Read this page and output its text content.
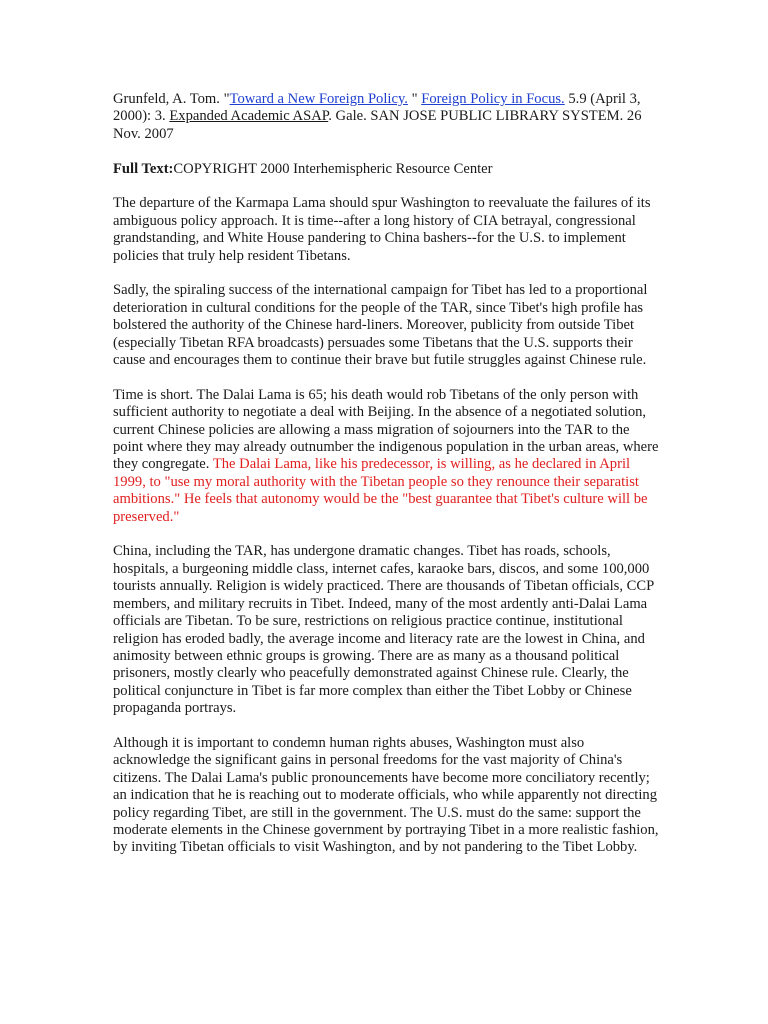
Grunfeld, A. Tom. "Toward a New Foreign Policy. " Foreign Policy in Focus. 5.9 (April 3, 2000): 3. Expanded Academic ASAP. Gale. SAN JOSE PUBLIC LIBRARY SYSTEM. 26 Nov. 2007

Full Text:COPYRIGHT 2000 Interhemispheric Resource Center

The departure of the Karmapa Lama should spur Washington to reevaluate the failures of its ambiguous policy approach. It is time--after a long history of CIA betrayal, congressional grandstanding, and White House pandering to China bashers--for the U.S. to implement policies that truly help resident Tibetans.

Sadly, the spiraling success of the international campaign for Tibet has led to a proportional deterioration in cultural conditions for the people of the TAR, since Tibet's high profile has bolstered the authority of the Chinese hard-liners. Moreover, publicity from outside Tibet (especially Tibetan RFA broadcasts) persuades some Tibetans that the U.S. supports their cause and encourages them to continue their brave but futile struggles against Chinese rule.

Time is short. The Dalai Lama is 65; his death would rob Tibetans of the only person with sufficient authority to negotiate a deal with Beijing. In the absence of a negotiated solution, current Chinese policies are allowing a mass migration of sojourners into the TAR to the point where they may already outnumber the indigenous population in the urban areas, where they congregate. The Dalai Lama, like his predecessor, is willing, as he declared in April 1999, to "use my moral authority with the Tibetan people so they renounce their separatist ambitions." He feels that autonomy would be the "best guarantee that Tibet's culture will be preserved."

China, including the TAR, has undergone dramatic changes. Tibet has roads, schools, hospitals, a burgeoning middle class, internet cafes, karaoke bars, discos, and some 100,000 tourists annually. Religion is widely practiced. There are thousands of Tibetan officials, CCP members, and military recruits in Tibet. Indeed, many of the most ardently anti-Dalai Lama officials are Tibetan. To be sure, restrictions on religious practice continue, institutional religion has eroded badly, the average income and literacy rate are the lowest in China, and animosity between ethnic groups is growing. There are as many as a thousand political prisoners, mostly clearly who peacefully demonstrated against Chinese rule. Clearly, the political conjuncture in Tibet is far more complex than either the Tibet Lobby or Chinese propaganda portrays.

Although it is important to condemn human rights abuses, Washington must also acknowledge the significant gains in personal freedoms for the vast majority of China's citizens. The Dalai Lama's public pronouncements have become more conciliatory recently; an indication that he is reaching out to moderate officials, who while apparently not directing policy regarding Tibet, are still in the government. The U.S. must do the same: support the moderate elements in the Chinese government by portraying Tibet in a more realistic fashion, by inviting Tibetan officials to visit Washington, and by not pandering to the Tibet Lobby.
